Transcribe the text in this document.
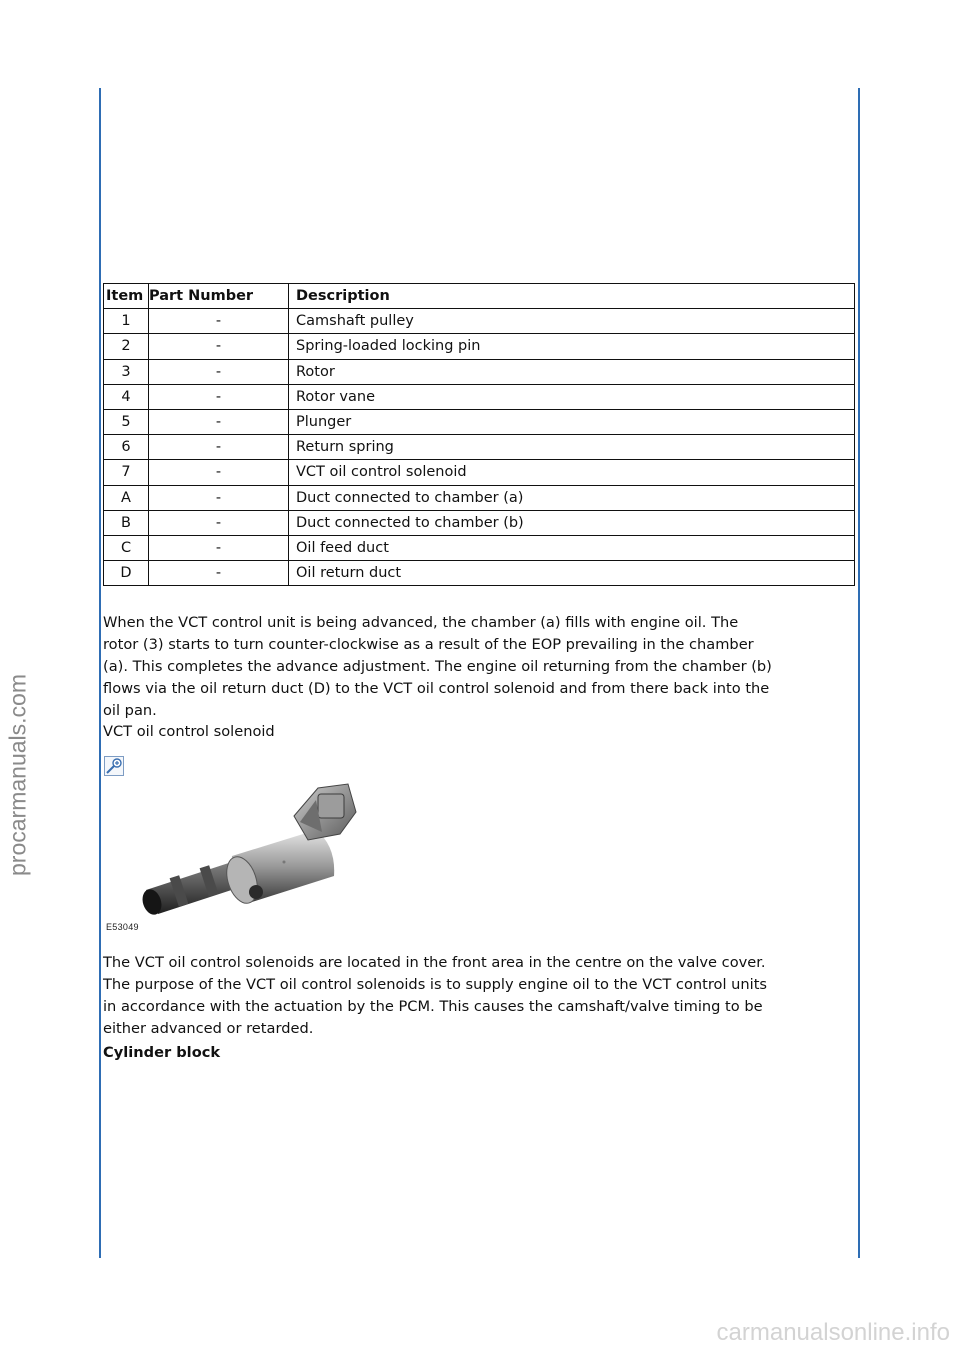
procarmanuals.com
carmanualsonline.info
Item	Part Number	Description
1	-	Camshaft pulley
2	-	Spring-loaded locking pin
3	-	Rotor
4	-	Rotor vane
5	-	Plunger
6	-	Return spring
7	-	VCT oil control solenoid
A	-	Duct connected to chamber (a)
B	-	Duct connected to chamber (b)
C	-	Oil feed duct
D	-	Oil return duct
When the VCT control unit is being advanced, the chamber (a) fills with engine oil. The
rotor (3) starts to turn counter-clockwise as a result of the EOP prevailing in the chamber
(a). This completes the advance adjustment. The engine oil returning from the chamber (b)
flows via the oil return duct (D) to the VCT oil control solenoid and from there back into the
oil pan.
VCT oil control solenoid
E53049
The VCT oil control solenoids are located in the front area in the centre on the valve cover.
The purpose of the VCT oil control solenoids is to supply engine oil to the VCT control units
in accordance with the actuation by the PCM. This causes the camshaft/valve timing to be
either advanced or retarded.
Cylinder block
